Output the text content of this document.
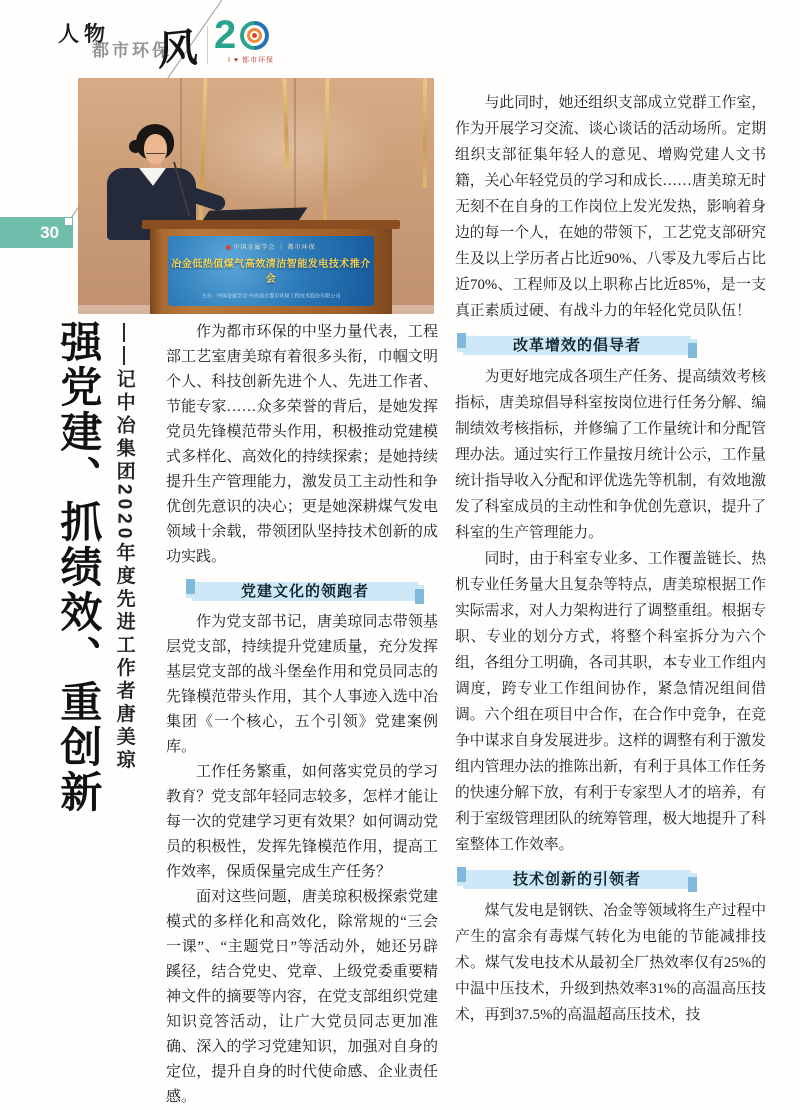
人物
都市环保
风 2
I ♥ 都市环保
30
中国金属学会 ｜ 都市环保
冶金低热值煤气高效清洁智能发电技术推介会
主办：中国金属学会 中冶南方都市环保工程技术股份有限公司
强党建、抓绩效、重创新 ——记中冶集团2020年度先进工作者唐美琼	作为都市环保的中坚力量代表，工程部工艺室唐美琼有着很多头衔，巾帼文明个人、科技创新先进个人、先进工作者、节能专家……众多荣誉的背后，是她发挥党员先锋模范带头作用，积极推动党建模式多样化、高效化的持续探索；是她持续提升生产管理能力，激发员工主动性和争优创先意识的决心；更是她深耕煤气发电领域十余载，带领团队坚持技术创新的成功实践。

党建文化的领跑者

作为党支部书记，唐美琼同志带领基层党支部，持续提升党建质量，充分发挥基层党支部的战斗堡垒作用和党员同志的先锋模范带头作用，其个人事迹入选中冶集团《一个核心，五个引领》党建案例库。

工作任务繁重，如何落实党员的学习教育？党支部年轻同志较多，怎样才能让每一次的党建学习更有效果？如何调动党员的积极性，发挥先锋模范作用，提高工作效率，保质保量完成生产任务？

面对这些问题，唐美琼积极探索党建模式的多样化和高效化，除常规的“三会一课”、“主题党日”等活动外，她还另辟蹊径，结合党史、党章、上级党委重要精神文件的摘要等内容，在党支部组织党建知识竞答活动，让广大党员同志更加准确、深入的学习党建知识，加强对自身的定位，提升自身的时代使命感、企业责任感。

与此同时，她还组织支部成立党群工作室，作为开展学习交流、谈心谈话的活动场所。定期组织支部征集年轻人的意见、增购党建人文书籍，关心年轻党员的学习和成长……唐美琼无时无刻不在自身的工作岗位上发光发热，影响着身边的每一个人，在她的带领下，工艺党支部研究生及以上学历者占比近90%、八零及九零后占比近70%、工程师及以上职称占比近85%，是一支真正素质过硬、有战斗力的年轻化党员队伍！

改革增效的倡导者

为更好地完成各项生产任务、提高绩效考核指标，唐美琼倡导科室按岗位进行任务分解、编制绩效考核指标，并修编了工作量统计和分配管理办法。通过实行工作量按月统计公示，工作量统计指导收入分配和评优选先等机制，有效地激发了科室成员的主动性和争优创先意识，提升了科室的生产管理能力。

同时，由于科室专业多、工作覆盖链长、热机专业任务量大且复杂等特点，唐美琼根据工作实际需求，对人力架构进行了调整重组。根据专职、专业的划分方式，将整个科室拆分为六个组，各组分工明确，各司其职，本专业工作组内调度，跨专业工作组间协作，紧急情况组间借调。六个组在项目中合作，在合作中竞争，在竞争中谋求自身发展进步。这样的调整有利于激发组内管理办法的推陈出新，有利于具体工作任务的快速分解下放，有利于专家型人才的培养，有利于室级管理团队的统筹管理，极大地提升了科室整体工作效率。

技术创新的引领者

煤气发电是钢铁、冶金等领域将生产过程中产生的富余有毒煤气转化为电能的节能减排技术。煤气发电技术从最初全厂热效率仅有25%的中温中压技术，升级到热效率31%的高温高压技术，再到37.5%的高温超高压技术，技
